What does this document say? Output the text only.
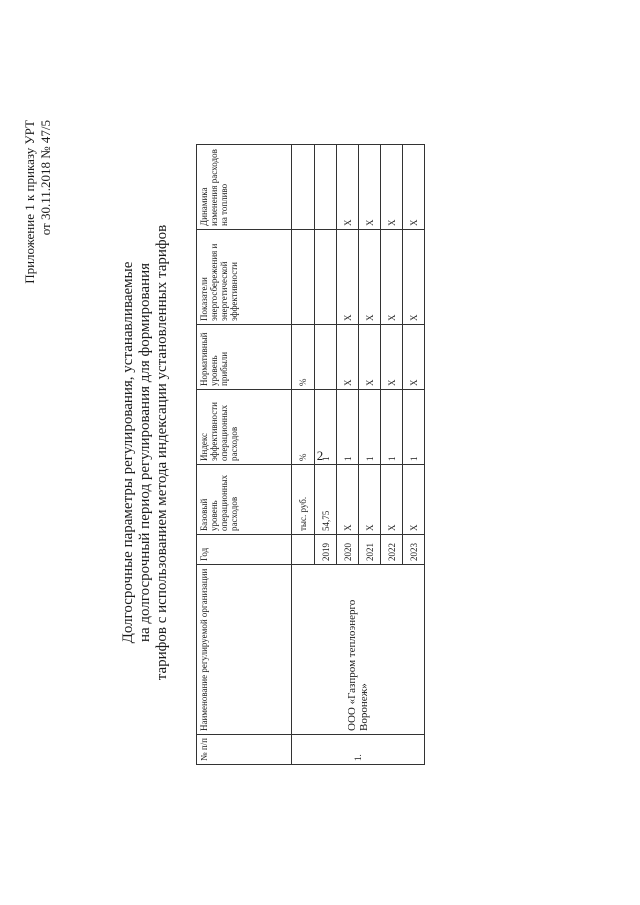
2
Приложение 1 к приказу УРТ от 30.11.2018 № 47/5
Долгосрочные параметры регулирования, устанавливаемые на долгосрочный период регулирования для формирования тарифов с использованием метода индексации установленных тарифов
№ п/п	Наименование регулируемой организации	Год	Базовый уровень операционных расходов	Индекс эффективности операционных расходов	Нормативный уровень прибыли	Показатели энергосбережения и энергетической эффективности	Динамика изменения расходов на топливо
1.	ООО «Газпром теплоэнерго Воронеж»		тыс. руб.	%	%		
		2019	54,75	1			
		2020	Х	1	Х	Х	Х
		2021	Х	1	Х	Х	Х
		2022	Х	1	Х	Х	Х
		2023	Х	1	Х	Х	Х
